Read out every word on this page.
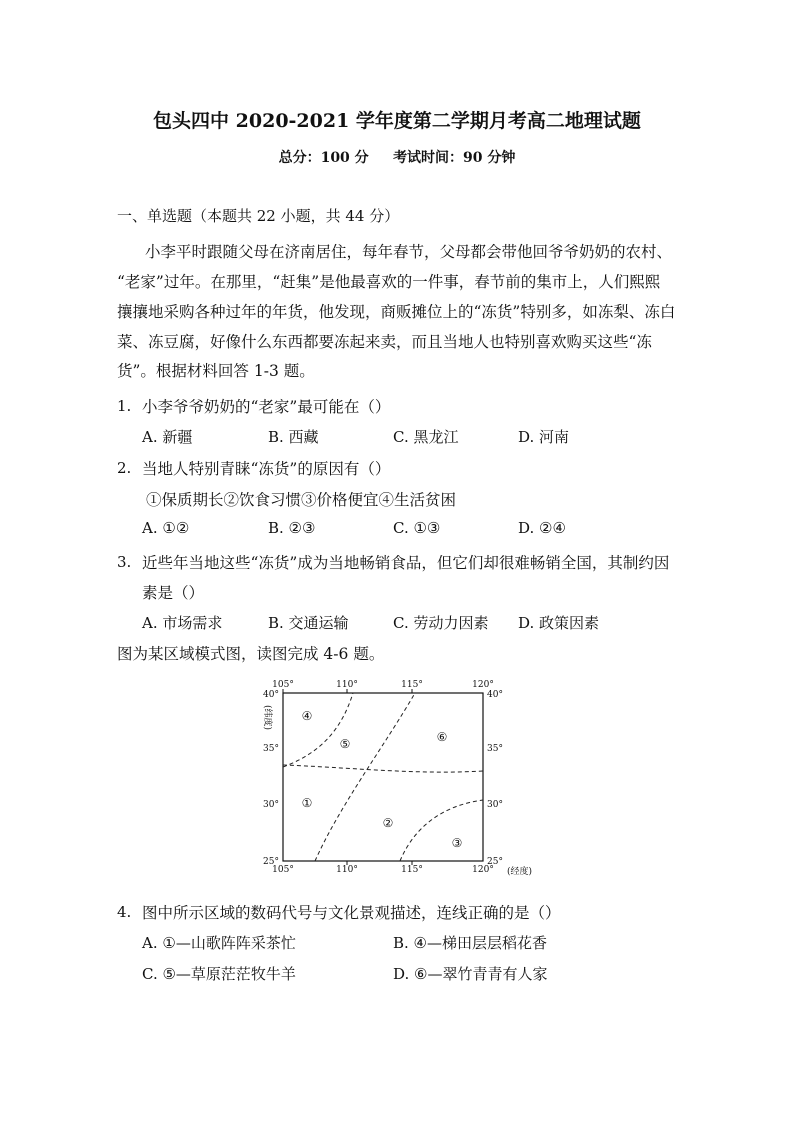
包头四中 2020-2021 学年度第二学期月考高二地理试题
总分：100 分 考试时间：90 分钟
一、单选题（本题共 22 小题，共 44 分）
小李平时跟随父母在济南居住，每年春节，父母都会带他回爷爷奶奶的农村、
“老家”过年。在那里，“赶集”是他最喜欢的一件事，春节前的集市上，人们熙熙
攘攘地采购各种过年的年货，他发现，商贩摊位上的“冻货”特别多，如冻梨、冻白
菜、冻豆腐，好像什么东西都要冻起来卖，而且当地人也特别喜欢购买这些“冻
货”。根据材料回答 1-3 题。
1. 小李爷爷奶奶的“老家”最可能在（）
A. 新疆	B. 西藏	C. 黑龙江	D. 河南
2. 当地人特别青睐“冻货”的原因有（）
①保质期长②饮食习惯③价格便宜④生活贫困
A. ①②	B. ②③	C. ①③	D. ②④
3. 近些年当地这些“冻货”成为当地畅销食品，但它们却很难畅销全国，其制约因
素是（）
A. 市场需求	B. 交通运输	C. 劳动力因素 D. 政策因素
图为某区域模式图，读图完成 4-6 题。
105°	110°	115°	120°
105°	110°	115°	120° (经度)
40°
35°
30°
25°
(纬度)
40°
35°
30°
25°
④
⑤	⑥
①
②
③
4. 图中所示区域的数码代号与文化景观描述，连线正确的是（）
A. ①—山歌阵阵采茶忙	B. ④—梯田层层稻花香
C. ⑤—草原茫茫牧牛羊	D. ⑥—翠竹青青有人家
